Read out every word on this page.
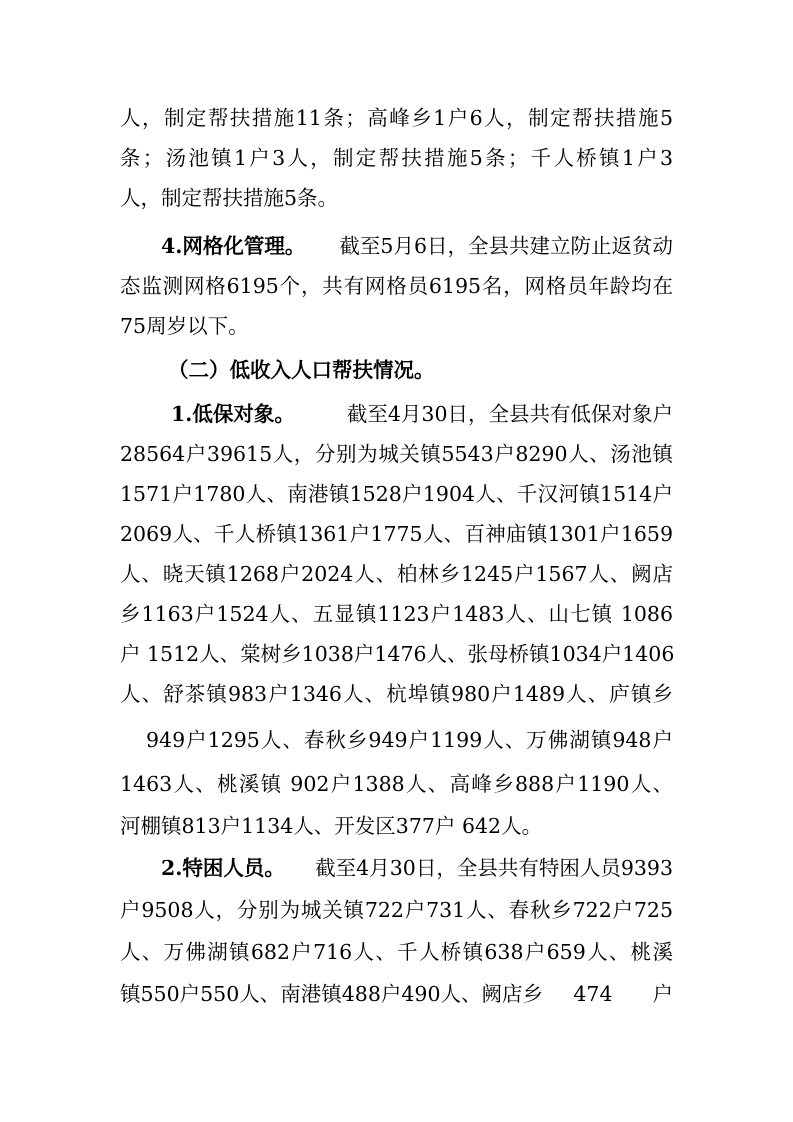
人，制定帮扶措施11条；高峰乡1户6人，制定帮扶措施5
条；汤池镇1户3人，制定帮扶措施5条；千人桥镇1户3
人，制定帮扶措施5条。
4.网格化管理。 截至5月6日，全县共建立防止返贫动
态监测网格6195个，共有网格员6195名，网格员年龄均在
75周岁以下。
（二）低收入人口帮扶情况。
1.低保对象。	截至4月30日，全县共有低保对象户
28564户39615人，分别为城关镇5543户8290人、汤池镇
1571户1780人、南港镇1528户1904人、千汉河镇1514户
2069人、千人桥镇1361户1775人、百神庙镇1301户1659
人、晓天镇1268户2024人、柏林乡1245户1567人、阙店
乡1163户1524人、五显镇1123户1483人、山七镇 1086
户 1512人、棠树乡1038户1476人、张母桥镇1034户1406
人、舒茶镇983户1346人、杭埠镇980户1489人、庐镇乡
949户1295人、春秋乡949户1199人、万佛湖镇948户
1463人、桃溪镇 902户1388人、高峰乡888户1190人、
河棚镇813户1134人、开发区377户 642人。
2.特困人员。 截至4月30日，全县共有特困人员9393
户9508人，分别为城关镇722户731人、春秋乡722户725
人、万佛湖镇682户716人、千人桥镇638户659人、桃溪
镇550户550人、南港镇488户490人、阙店乡 474 户
